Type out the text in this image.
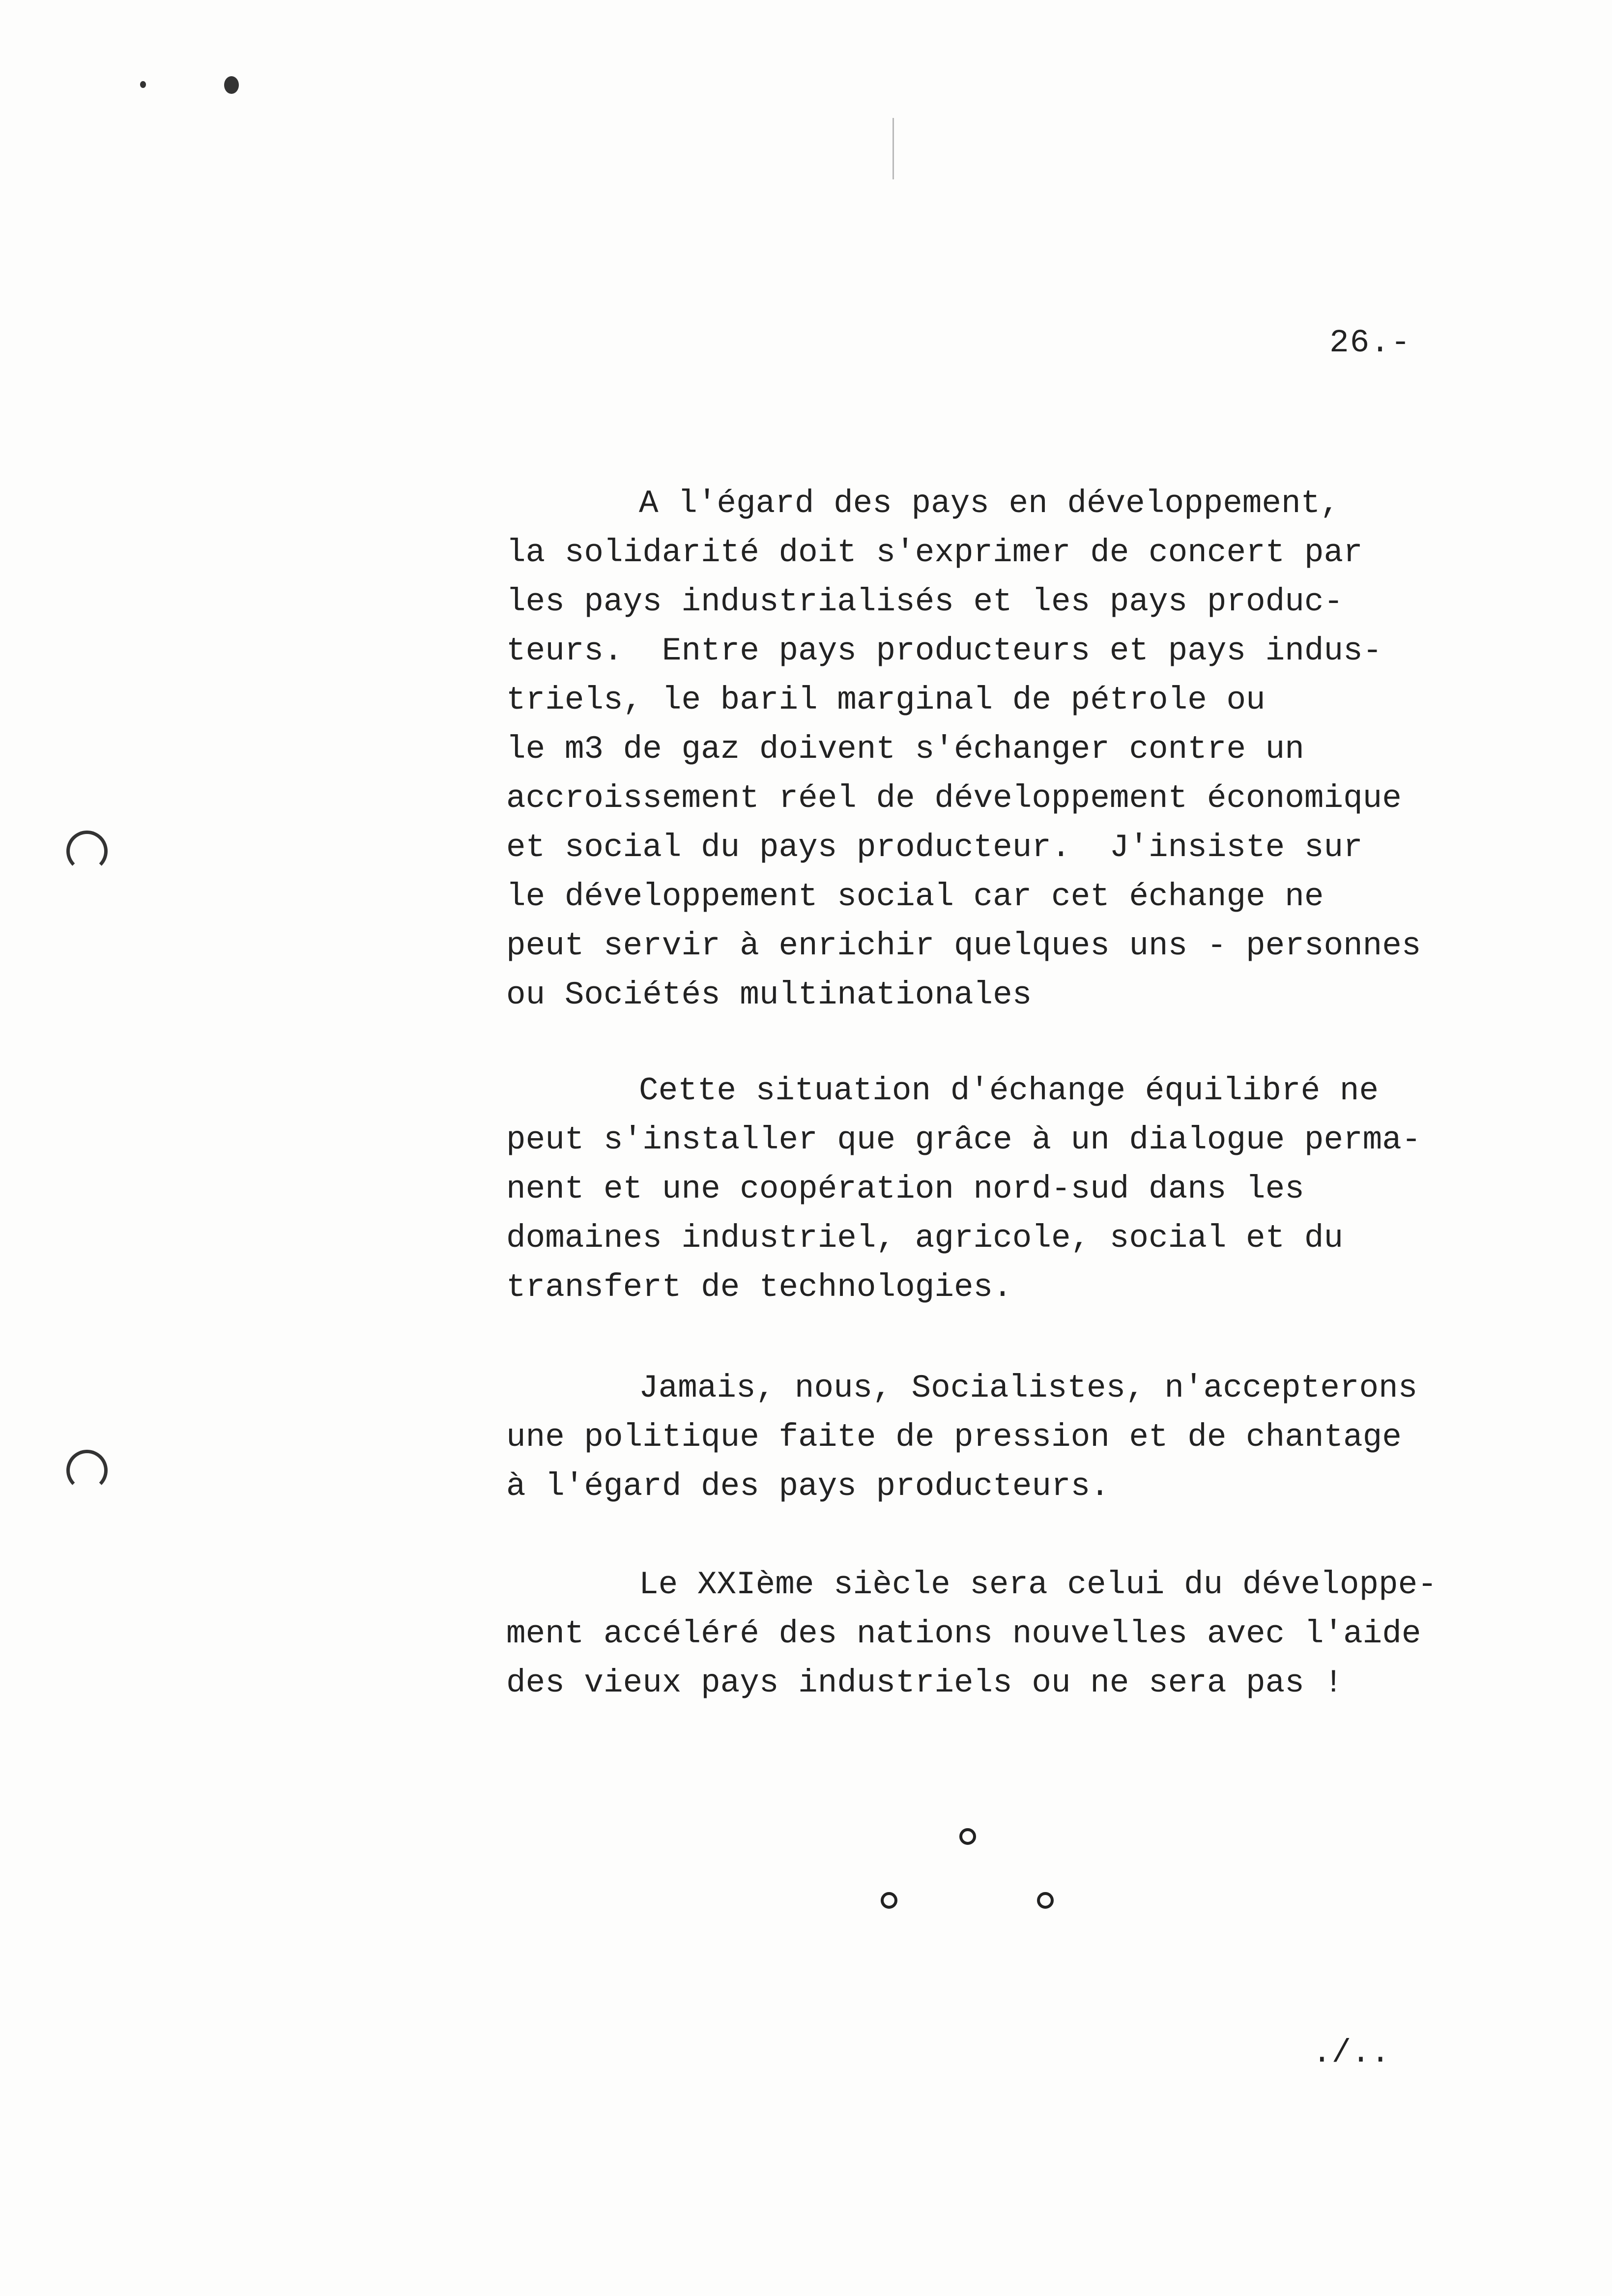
26.-
A l'égard des pays en développement,
la solidarité doit s'exprimer de concert par
les pays industrialisés et les pays produc-
teurs.  Entre pays producteurs et pays indus-
triels, le baril marginal de pétrole ou
le m3 de gaz doivent s'échanger contre un
accroissement réel de développement économique
et social du pays producteur.  J'insiste sur
le développement social car cet échange ne
peut servir à enrichir quelques uns - personnes
ou Sociétés multinationales
Cette situation d'échange équilibré ne
peut s'installer que grâce à un dialogue perma-
nent et une coopération nord-sud dans les
domaines industriel, agricole, social et du
transfert de technologies.
Jamais, nous, Socialistes, n'accepterons
une politique faite de pression et de chantage
à l'égard des pays producteurs.
Le XXIème siècle sera celui du développe-
ment accéléré des nations nouvelles avec l'aide
des vieux pays industriels ou ne sera pas !
./..
